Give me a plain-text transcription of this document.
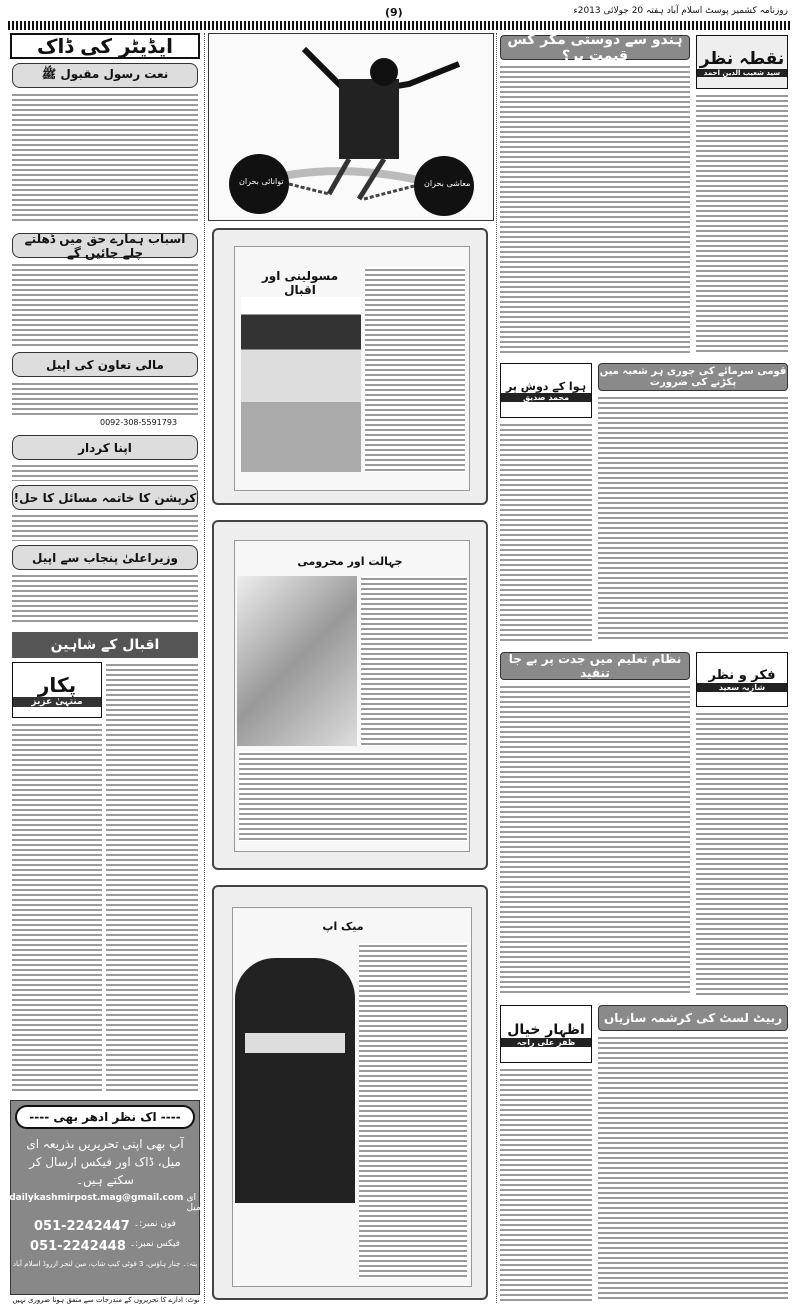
(9)	روزنامہ کشمیر پوسٹ اسلام آباد ہفتہ 20 جولائی 2013ء
ایڈیٹر کی ڈاک
نعت رسول مقبول ﷺ
اسباب ہمارے حق میں ڈھلتے چلے جائیں گے
مالی تعاون کی اپیل
0092-308-5591793
اپنا کردار
کرپشن کا خاتمہ مسائل کا حل!
وزیراعلیٰ پنجاب سے اپیل
اقبال کے شاہین
پکار
منتہیٰ عزیز
---- اک نظر ادھر بھی ----
آپ بھی اپنی تحریریں بذریعہ ای میل، ڈاک اور فیکس ارسال کر سکتے ہیں۔
dailykashmirpost.mag@gmail.com ای میل
051-2242447 فون نمبر:۔
051-2242448 فیکس نمبر:۔
پتہ:۔ چنار ہاؤس، 3 فوٹی کیپ شاپ، مین لنجر ازروڈ اسلام آباد
نوٹ: ادارے کا تحریروں کے مندرجات سے متفق ہونا ضروری نہیں
توانائی بحران	معاشی بحران
مسولینی اور اقبال
جہالت اور محرومی
میک اپ
ہندو سے دوستی مگر کس قیمت پر؟	نقطہ نظر
سید شعیب الدین احمد
قومی سرمائے کی چوری ہر شعبہ میں پکڑنے کی ضرورت
ہوا کے دوش پر
محمد صدیق
نظام تعلیم میں جدت پر بے جا تنقید	فکر و نظر
شازیہ سعید
ربیٹ لسٹ کی کرشمہ سازیاں
اظہار خیال
ظفر علی راجہ
